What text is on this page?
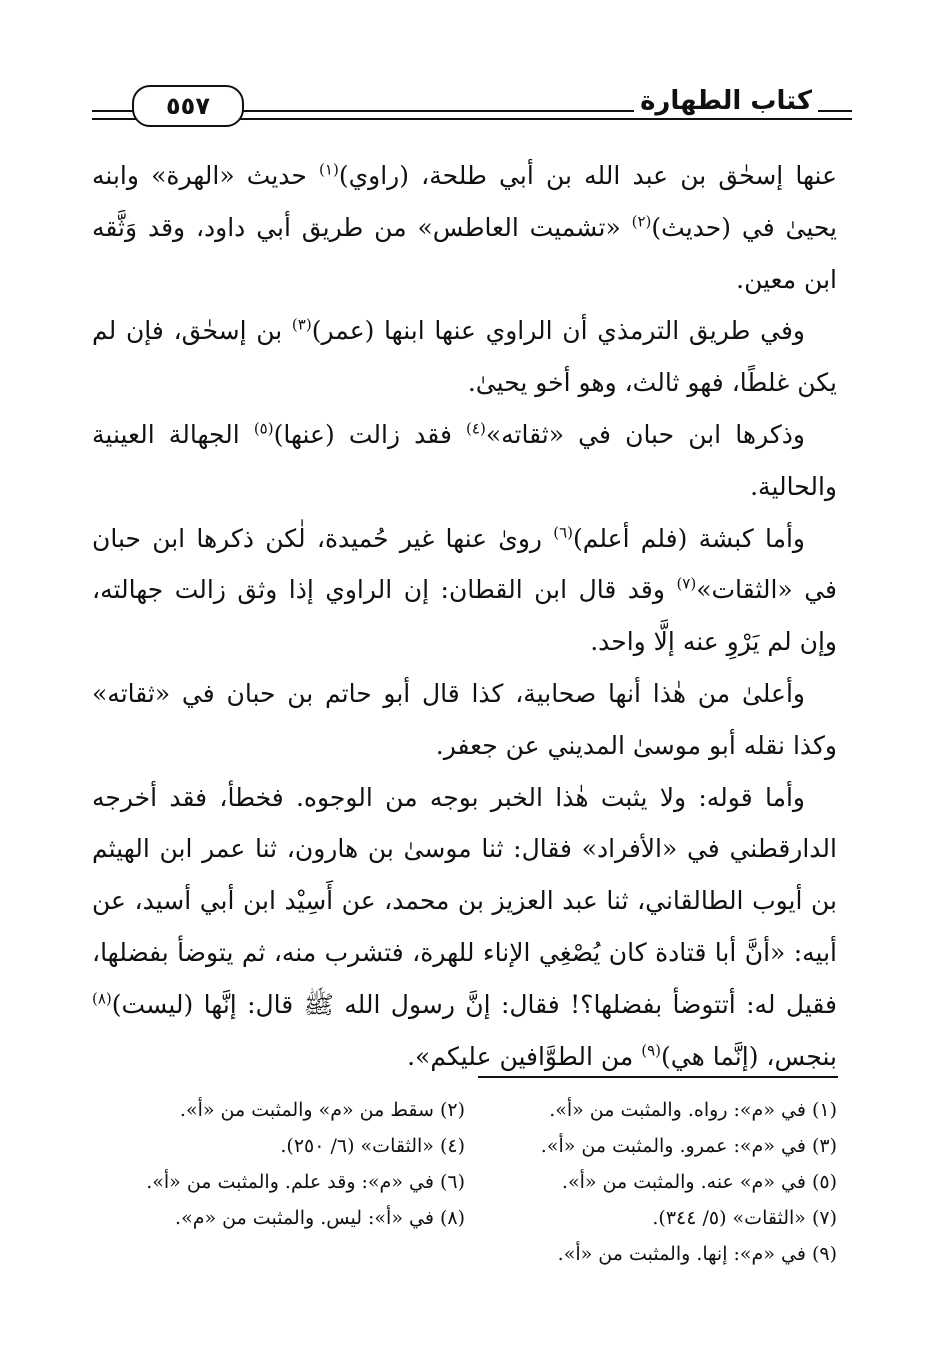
٥٥٧	كتاب الطهارة

عنها إسحٰق بن عبد الله بن أبي طلحة، (راوي)$^{(١)}$ حديث «الهرة» وابنه يحيىٰ في (حديث)$^{(٢)}$ «تشميت العاطس» من طريق أبي داود، وقد وَثَّقه ابن معين.

وفي طريق الترمذي أن الراوي عنها ابنها (عمر)$^{(٣)}$ بن إسحٰق، فإن لم يكن غلطًا، فهو ثالث، وهو أخو يحيىٰ.

وذكرها ابن حبان في «ثقاته»$^{(٤)}$ فقد زالت (عنها)$^{(٥)}$ الجهالة العينية والحالية.

وأما كبشة (فلم أعلم)$^{(٦)}$ روىٰ عنها غير حُميدة، لٰكن ذكرها ابن حبان في «الثقات»$^{(٧)}$ وقد قال ابن القطان: إن الراوي إذا وثق زالت جهالته، وإن لم يَرْوِ عنه إلَّا واحد.

وأعلىٰ من هٰذا أنها صحابية، كذا قال أبو حاتم بن حبان في «ثقاته» وكذا نقله أبو موسىٰ المديني عن جعفر.

وأما قوله: ولا يثبت هٰذا الخبر بوجه من الوجوه. فخطأ، فقد أخرجه الدارقطني في «الأفراد» فقال: ثنا موسىٰ بن هارون، ثنا عمر ابن الهيثم بن أيوب الطالقاني، ثنا عبد العزيز بن محمد، عن أَسِيْد ابن أبي أسيد، عن أبيه: «أنَّ أبا قتادة كان يُصْغِي الإناء للهرة، فتشرب منه، ثم يتوضأ بفضلها، فقيل له: أتتوضأ بفضلها؟! فقال: إنَّ رسول الله ﷺ قال: إنَّها (ليست)$^{(٨)}$ بنجس، (إنَّما هي)$^{(٩)}$ من الطوَّافين عليكم».

(١) في «م»: رواه. والمثبت من «أ».
(٢) سقط من «م» والمثبت من «أ».
(٣) في «م»: عمرو. والمثبت من «أ».
(٤) «الثقات» (٦/ ٢٥٠).
(٥) في «م» عنه. والمثبت من «أ».
(٦) في «م»: وقد علم. والمثبت من «أ».
(٧) «الثقات» (٥/ ٣٤٤).
(٨) في «أ»: ليس. والمثبت من «م».
(٩) في «م»: إنها. والمثبت من «أ».
